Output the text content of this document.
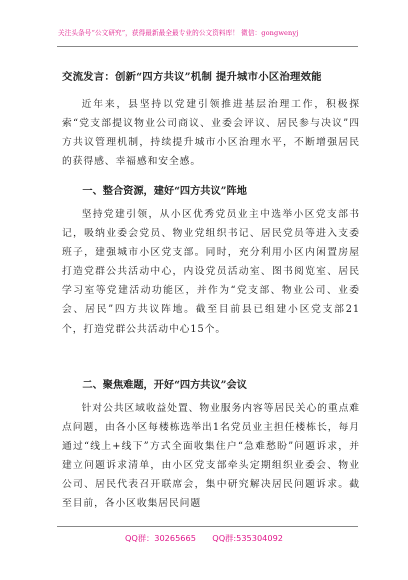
关注头条号“公文研究”，获得最新最全最专业的公文资料库！ 微信：gongwenyj
交流发言：创新“四方共议”机制 提升城市小区治理效能

近年来，县坚持以党建引领推进基层治理工作，积极探索“党支部提议物业公司商议、业委会评议、居民参与决议”四方共议管理机制，持续提升城市小区治理水平，不断增强居民的获得感、幸福感和安全感。

一、整合资源，建好“四方共议”阵地

坚持党建引领，从小区优秀党员业主中选举小区党支部书记，吸纳业委会党员、物业党组织书记、居民党员等进入支委班子，建强城市小区党支部。同时，充分利用小区内闲置房屋打造党群公共活动中心，内设党员活动室、图书阅览室、居民学习室等党建活动功能区，并作为“党支部、物业公司、业委会、居民”四方共议阵地。截至目前县已组建小区党支部21个，打造党群公共活动中心15个。

二、聚焦难题，开好“四方共议”会议

针对公共区域收益处置、物业服务内容等居民关心的重点难点问题，由各小区每楼栋选举出1名党员业主担任楼栋长，每月通过“线上+线下”方式全面收集住户“急难愁盼”问题诉求，并建立问题诉求清单，由小区党支部牵头定期组织业委会、物业公司、居民代表召开联席会，集中研究解决居民问题诉求。截至目前，各小区收集居民问题

QQ群：30265665　　QQ群:535304092
